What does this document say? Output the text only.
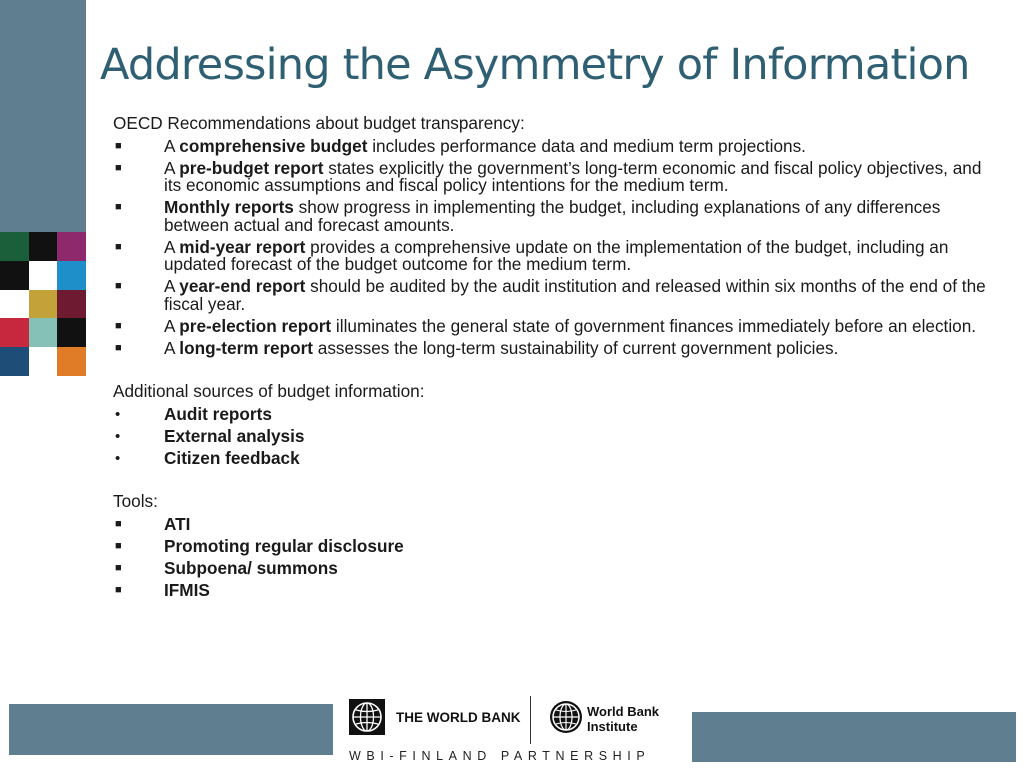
Addressing the Asymmetry of Information

OECD Recommendations about budget transparency:

■
A comprehensive budget includes performance data and medium term projections.
■
A pre-budget report states explicitly the government’s long-term economic and fiscal policy objectives, and its economic assumptions and fiscal policy intentions for the medium term.
■
Monthly reports show progress in implementing the budget, including explanations of any differences between actual and forecast amounts.
■
A mid-year report provides a comprehensive update on the implementation of the budget, including an updated forecast of the budget outcome for the medium term.
■
A year-end report should be audited by the audit institution and released within six months of the end of the fiscal year.
■
A pre-election report illuminates the general state of government finances immediately before an election.
■
A long-term report assesses the long-term sustainability of current government policies.

Additional sources of budget information:

•
Audit reports
•
External analysis
•
Citizen feedback

Tools:

■
ATI
■
Promoting regular disclosure
■
Subpoena/ summons
■
IFMIS
THE WORLD BANK	World Bank
Institute
WBI-FINLAND PARTNERSHIP
